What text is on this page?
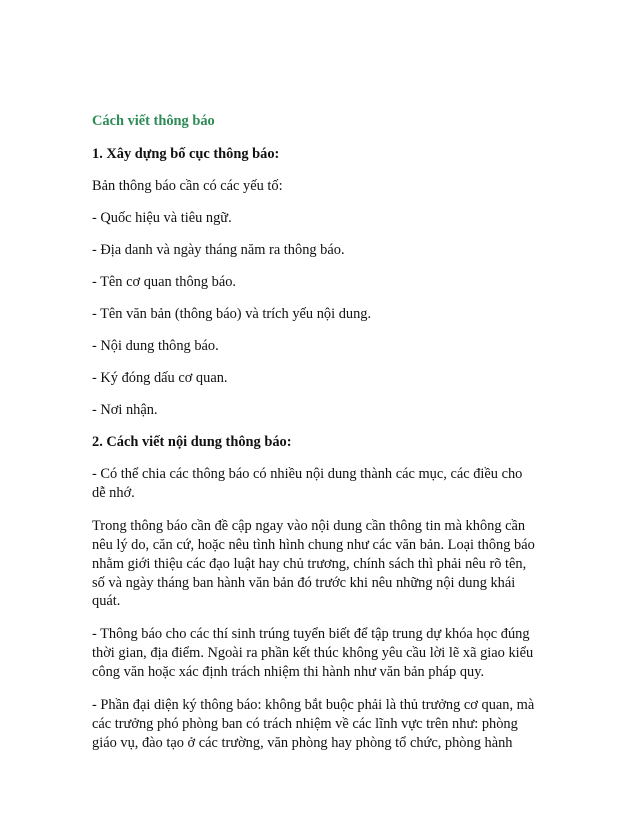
Cách viết thông báo

1. Xây dựng bố cục thông báo:

Bản thông báo cần có các yếu tố:

- Quốc hiệu và tiêu ngữ.

- Địa danh và ngày tháng năm ra thông báo.

- Tên cơ quan thông báo.

- Tên văn bản (thông báo) và trích yếu nội dung.

- Nội dung thông báo.

- Ký đóng dấu cơ quan.

- Nơi nhận.

2. Cách viết nội dung thông báo:

- Có thể chia các thông báo có nhiều nội dung thành các mục, các điều cho

dễ nhớ.

Trong thông báo cần đề cập ngay vào nội dung cần thông tin mà không cần

nêu lý do, căn cứ, hoặc nêu tình hình chung như các văn bản. Loại thông báo

nhằm giới thiệu các đạo luật hay chủ trương, chính sách thì phải nêu rõ tên,

số và ngày tháng ban hành văn bản đó trước khi nêu những nội dung khái

quát.

- Thông báo cho các thí sinh trúng tuyển biết để tập trung dự khóa học đúng

thời gian, địa điểm. Ngoài ra phần kết thúc không yêu cầu lời lẽ xã giao kiểu

công văn hoặc xác định trách nhiệm thi hành như văn bản pháp quy.

- Phần đại diện ký thông báo: không bắt buộc phải là thủ trưởng cơ quan, mà

các trưởng phó phòng ban có trách nhiệm về các lĩnh vực trên như: phòng

giáo vụ, đào tạo ở các trường, văn phòng hay phòng tổ chức, phòng hành
